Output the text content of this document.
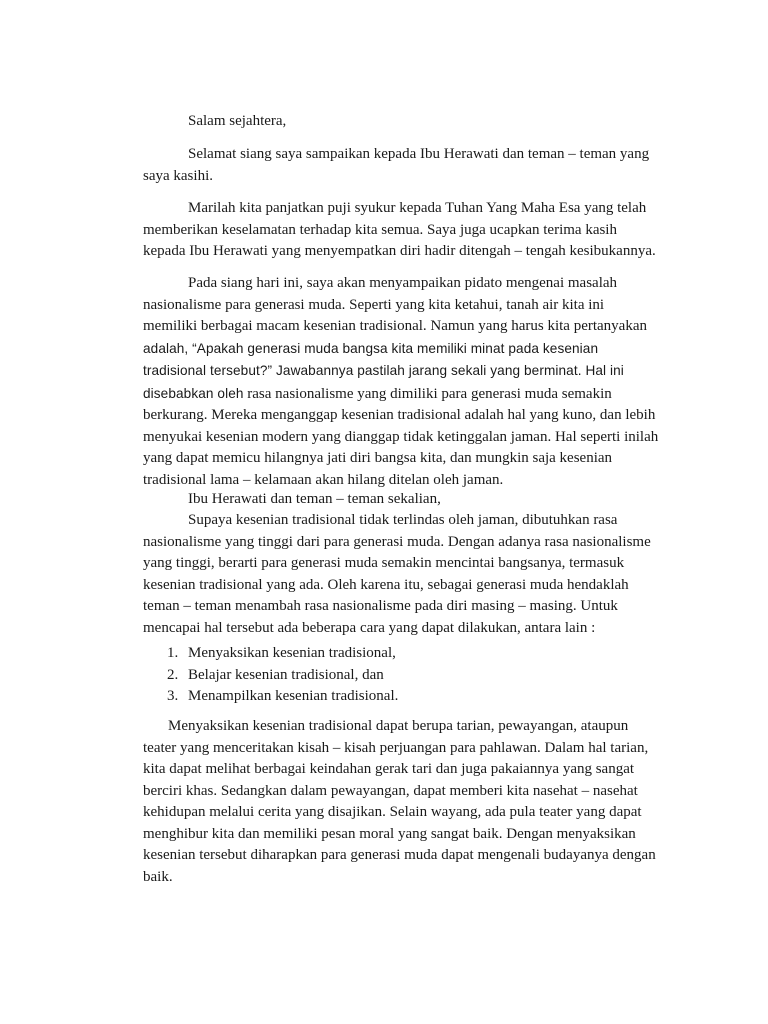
Salam sejahtera,

Selamat siang saya sampaikan kepada Ibu Herawati dan teman – teman yang saya kasihi.

Marilah kita panjatkan puji syukur kepada Tuhan Yang Maha Esa yang telah memberikan keselamatan terhadap kita semua. Saya juga ucapkan terima kasih kepada Ibu Herawati yang menyempatkan diri hadir ditengah – tengah kesibukannya.

Pada siang hari ini, saya akan menyampaikan pidato mengenai masalah nasionalisme para generasi muda. Seperti yang kita ketahui, tanah air kita ini memiliki berbagai macam kesenian tradisional. Namun yang harus kita pertanyakan adalah, “Apakah generasi muda bangsa kita memiliki minat pada kesenian tradisional tersebut?” Jawabannya pastilah jarang sekali yang berminat. Hal ini disebabkan oleh rasa nasionalisme yang dimiliki para generasi muda semakin berkurang. Mereka menganggap kesenian tradisional adalah hal yang kuno, dan lebih menyukai kesenian modern yang dianggap tidak ketinggalan jaman. Hal seperti inilah yang dapat memicu hilangnya jati diri bangsa kita, dan mungkin saja kesenian tradisional lama – kelamaan akan hilang ditelan oleh jaman.

Ibu Herawati dan teman – teman sekalian,

Supaya kesenian tradisional tidak terlindas oleh jaman, dibutuhkan rasa nasionalisme yang tinggi dari para generasi muda. Dengan adanya rasa nasionalisme yang tinggi, berarti para generasi muda semakin mencintai bangsanya, termasuk kesenian tradisional yang ada. Oleh karena itu, sebagai generasi muda hendaklah teman – teman menambah rasa nasionalisme pada diri masing – masing. Untuk mencapai hal tersebut ada beberapa cara yang dapat dilakukan, antara lain :

1. Menyaksikan kesenian tradisional,
2. Belajar kesenian tradisional, dan
3. Menampilkan kesenian tradisional.

Menyaksikan kesenian tradisional dapat berupa tarian, pewayangan, ataupun teater yang menceritakan kisah – kisah perjuangan para pahlawan. Dalam hal tarian, kita dapat melihat berbagai keindahan gerak tari dan juga pakaiannya yang sangat berciri khas. Sedangkan dalam pewayangan, dapat memberi kita nasehat – nasehat kehidupan melalui cerita yang disajikan. Selain wayang, ada pula teater yang dapat menghibur kita dan memiliki pesan moral yang sangat baik. Dengan menyaksikan kesenian tersebut diharapkan para generasi muda dapat mengenali budayanya dengan baik.
